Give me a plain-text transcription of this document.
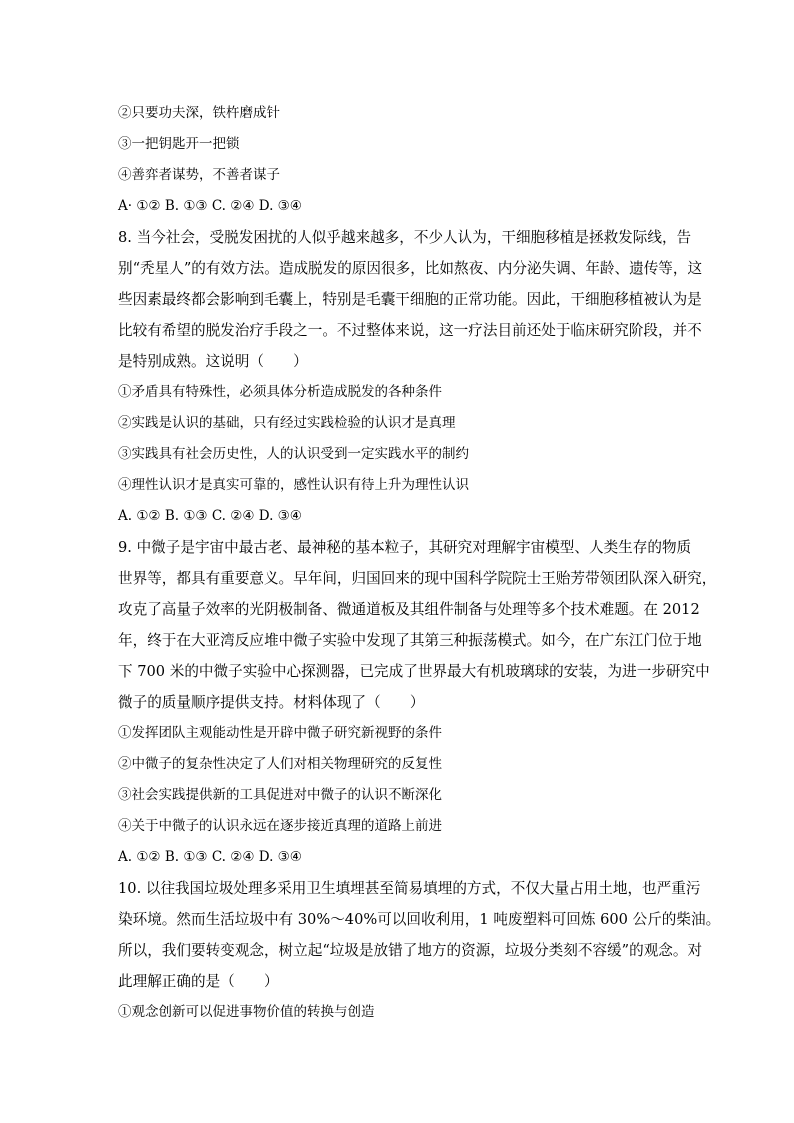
②只要功夫深，铁杵磨成针
③一把钥匙开一把锁
④善弈者谋势，不善者谋子
A· ①② B. ①③ C. ②④ D. ③④
8. 当今社会，受脱发困扰的人似乎越来越多，不少人认为，干细胞移植是拯救发际线，告
别“秃星人”的有效方法。造成脱发的原因很多，比如熬夜、内分泌失调、年龄、遗传等，这
些因素最终都会影响到毛囊上，特别是毛囊干细胞的正常功能。因此，干细胞移植被认为是
比较有希望的脱发治疗手段之一。不过整体来说，这一疗法目前还处于临床研究阶段，并不
是特别成熟。这说明（　　）
①矛盾具有特殊性，必须具体分析造成脱发的各种条件
②实践是认识的基础，只有经过实践检验的认识才是真理
③实践具有社会历史性，人的认识受到一定实践水平的制约
④理性认识才是真实可靠的，感性认识有待上升为理性认识
A. ①② B. ①③ C. ②④ D. ③④
9. 中微子是宇宙中最古老、最神秘的基本粒子，其研究对理解宇宙模型、人类生存的物质
世界等，都具有重要意义。早年间，归国回来的现中国科学院院士王贻芳带领团队深入研究，
攻克了高量子效率的光阴极制备、微通道板及其组件制备与处理等多个技术难题。在 2012
年，终于在大亚湾反应堆中微子实验中发现了其第三种振荡模式。如今，在广东江门位于地
下 700 米的中微子实验中心探测器，已完成了世界最大有机玻璃球的安装，为进一步研究中
微子的质量顺序提供支持。材料体现了（　　）
①发挥团队主观能动性是开辟中微子研究新视野的条件
②中微子的复杂性决定了人们对相关物理研究的反复性
③社会实践提供新的工具促进对中微子的认识不断深化
④关于中微子的认识永远在逐步接近真理的道路上前进
A. ①② B. ①③ C. ②④ D. ③④
10. 以往我国垃圾处理多采用卫生填埋甚至简易填埋的方式，不仅大量占用土地，也严重污
染环境。然而生活垃圾中有 30%～40%可以回收利用，1 吨废塑料可回炼 600 公斤的柴油。
所以，我们要转变观念，树立起“垃圾是放错了地方的资源，垃圾分类刻不容缓”的观念。对
此理解正确的是（　　）
①观念创新可以促进事物价值的转换与创造
